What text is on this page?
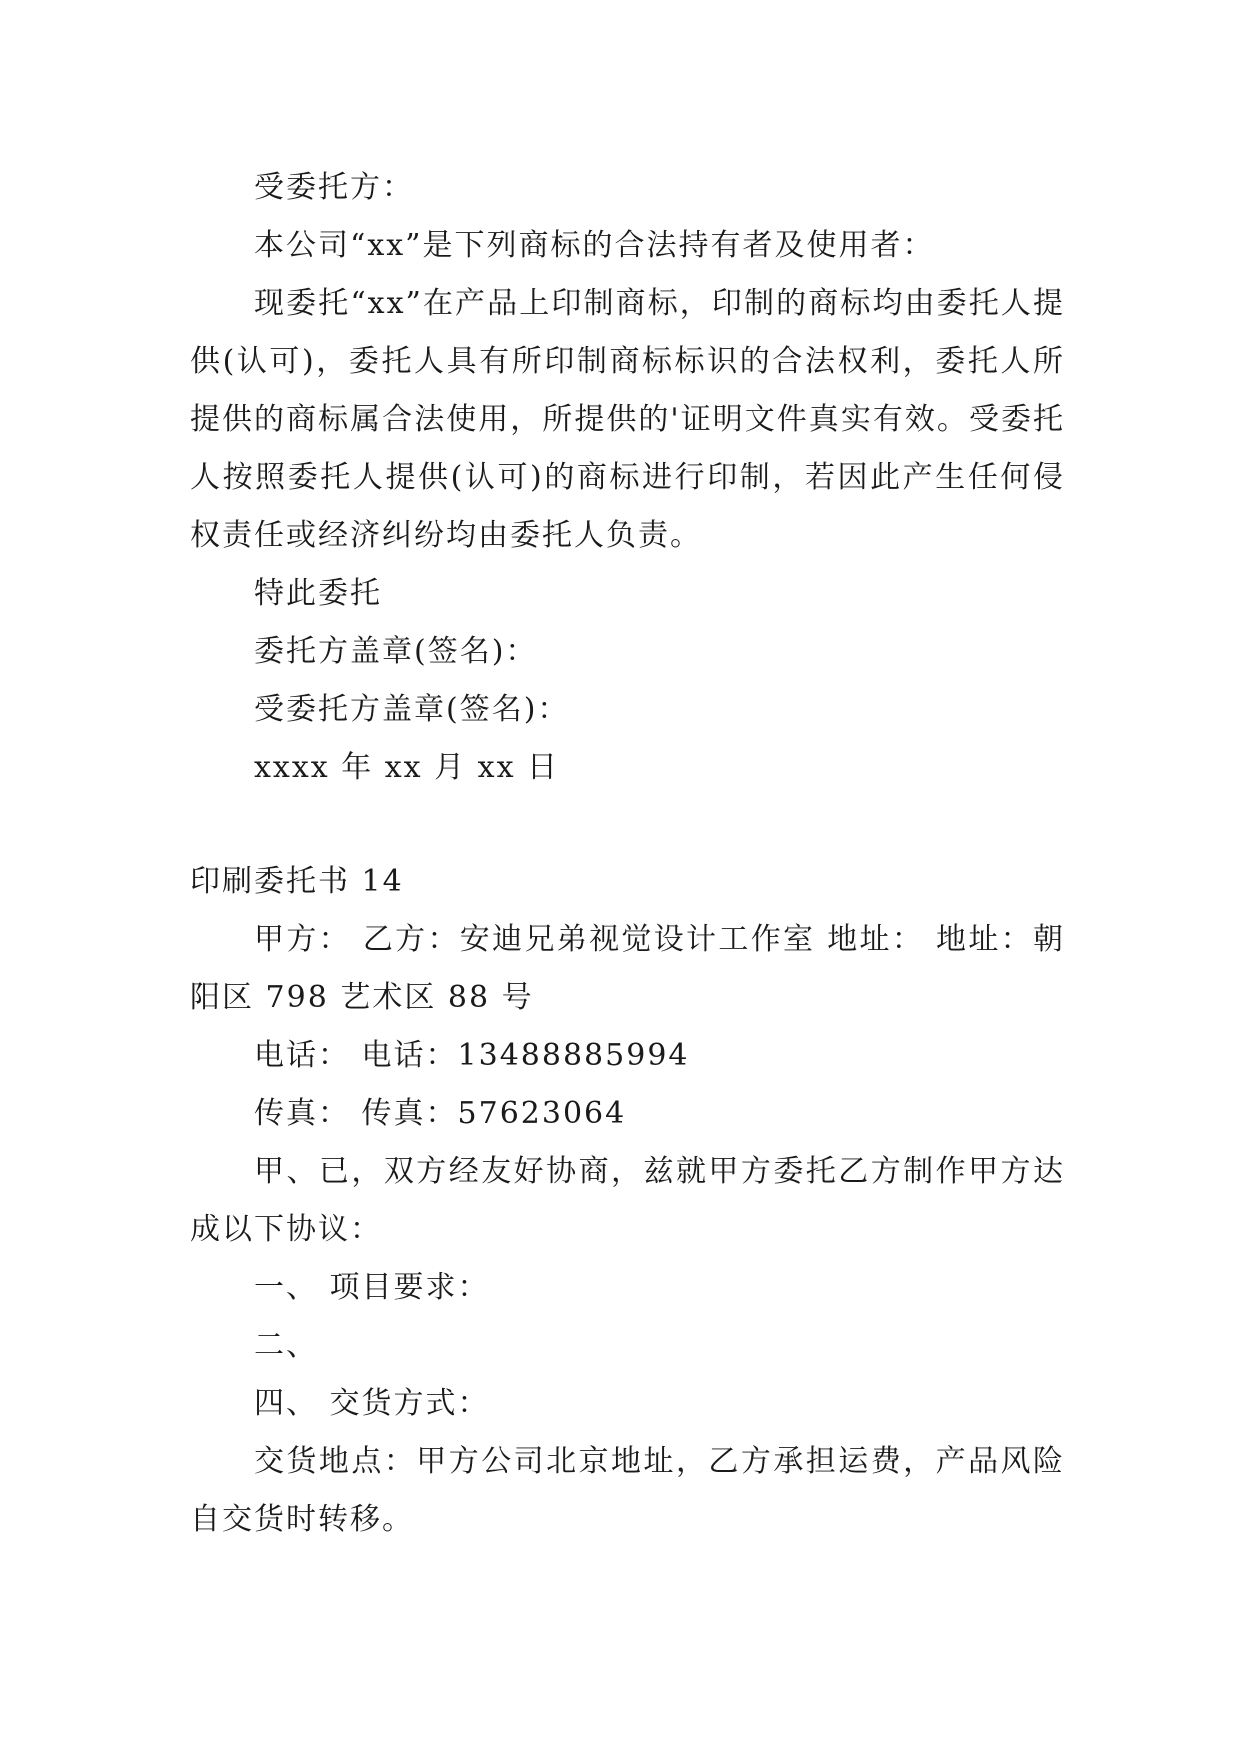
受委托方：

本公司“xx”是下列商标的合法持有者及使用者：

现委托“xx”在产品上印制商标，印制的商标均由委托人提供(认可)，委托人具有所印制商标标识的合法权利，委托人所提供的商标属合法使用，所提供的'证明文件真实有效。受委托人按照委托人提供(认可)的商标进行印制，若因此产生任何侵权责任或经济纠纷均由委托人负责。

特此委托

委托方盖章(签名)：

受委托方盖章(签名)：

xxxx 年 xx 月 xx 日

印刷委托书 14

甲方： 乙方：安迪兄弟视觉设计工作室 地址： 地址：朝阳区 798 艺术区 88 号

电话： 电话：13488885994

传真： 传真：57623064

甲、已，双方经友好协商，兹就甲方委托乙方制作甲方达成以下协议：

一、 项目要求：

二、

四、 交货方式：

交货地点：甲方公司北京地址，乙方承担运费，产品风险自交货时转移。
